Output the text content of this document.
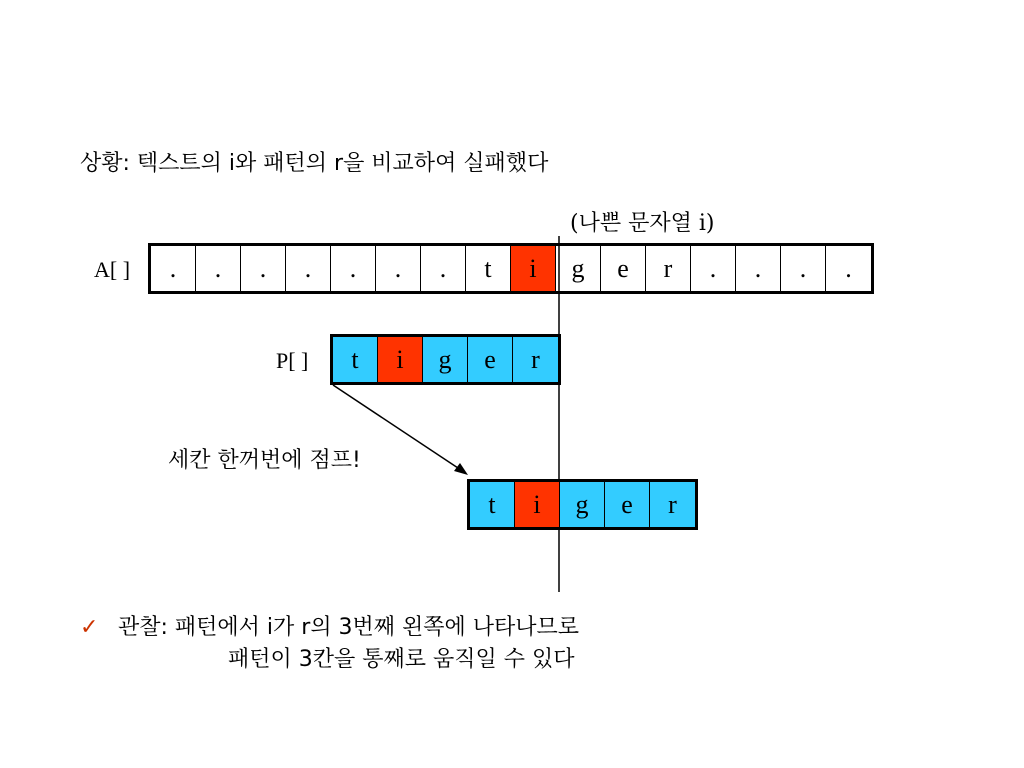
상황: 텍스트의 i와 패턴의 r을 비교하여 실패했다
(나쁜 문자열 i)
A[ ]	.	.	.	.	.	.	.	t	i	g	e	r	.	.	.	.
P[ ]	t	i	g	e	r
세칸 한꺼번에 점프!
t	i	g	e	r
✓ 관찰: 패턴에서 i가 r의 3번째 왼쪽에 나타나므로
패턴이 3칸을 통째로 움직일 수 있다
